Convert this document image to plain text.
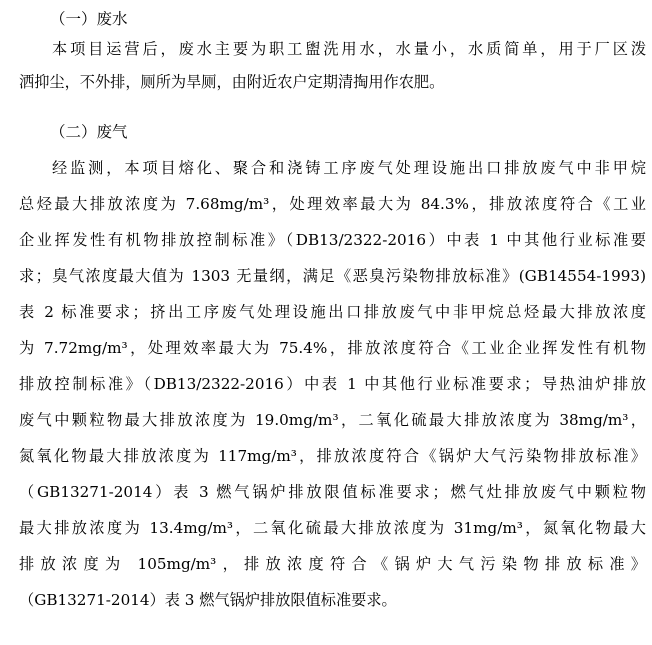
（一）废水
本项目运营后，废水主要为职工盥洗用水，水量小，水质简单，用于厂区泼
洒抑尘，不外排，厕所为旱厕，由附近农户定期清掏用作农肥。
（二）废气
经监测，本项目熔化、聚合和浇铸工序废气处理设施出口排放废气中非甲烷
总烃最大排放浓度为 7.68mg/m³，处理效率最大为 84.3%，排放浓度符合《工业
企业挥发性有机物排放控制标准》（DB13/2322-2016）中表 1 中其他行业标准要
求；臭气浓度最大值为 1303 无量纲，满足《恶臭污染物排放标准》(GB14554-1993)
表 2 标准要求；挤出工序废气处理设施出口排放废气中非甲烷总烃最大排放浓度
为 7.72mg/m³，处理效率最大为 75.4%，排放浓度符合《工业企业挥发性有机物
排放控制标准》（DB13/2322-2016）中表 1 中其他行业标准要求；导热油炉排放
废气中颗粒物最大排放浓度为 19.0mg/m³，二氧化硫最大排放浓度为 38mg/m³，
氮氧化物最大排放浓度为 117mg/m³，排放浓度符合《锅炉大气污染物排放标准》
（GB13271-2014）表 3 燃气锅炉排放限值标准要求；燃气灶排放废气中颗粒物
最大排放浓度为 13.4mg/m³，二氧化硫最大排放浓度为 31mg/m³，氮氧化物最大
排放浓度为 105mg/m³，排放浓度符合《锅炉大气污染物排放标准》
（GB13271-2014）表 3 燃气锅炉排放限值标准要求。
